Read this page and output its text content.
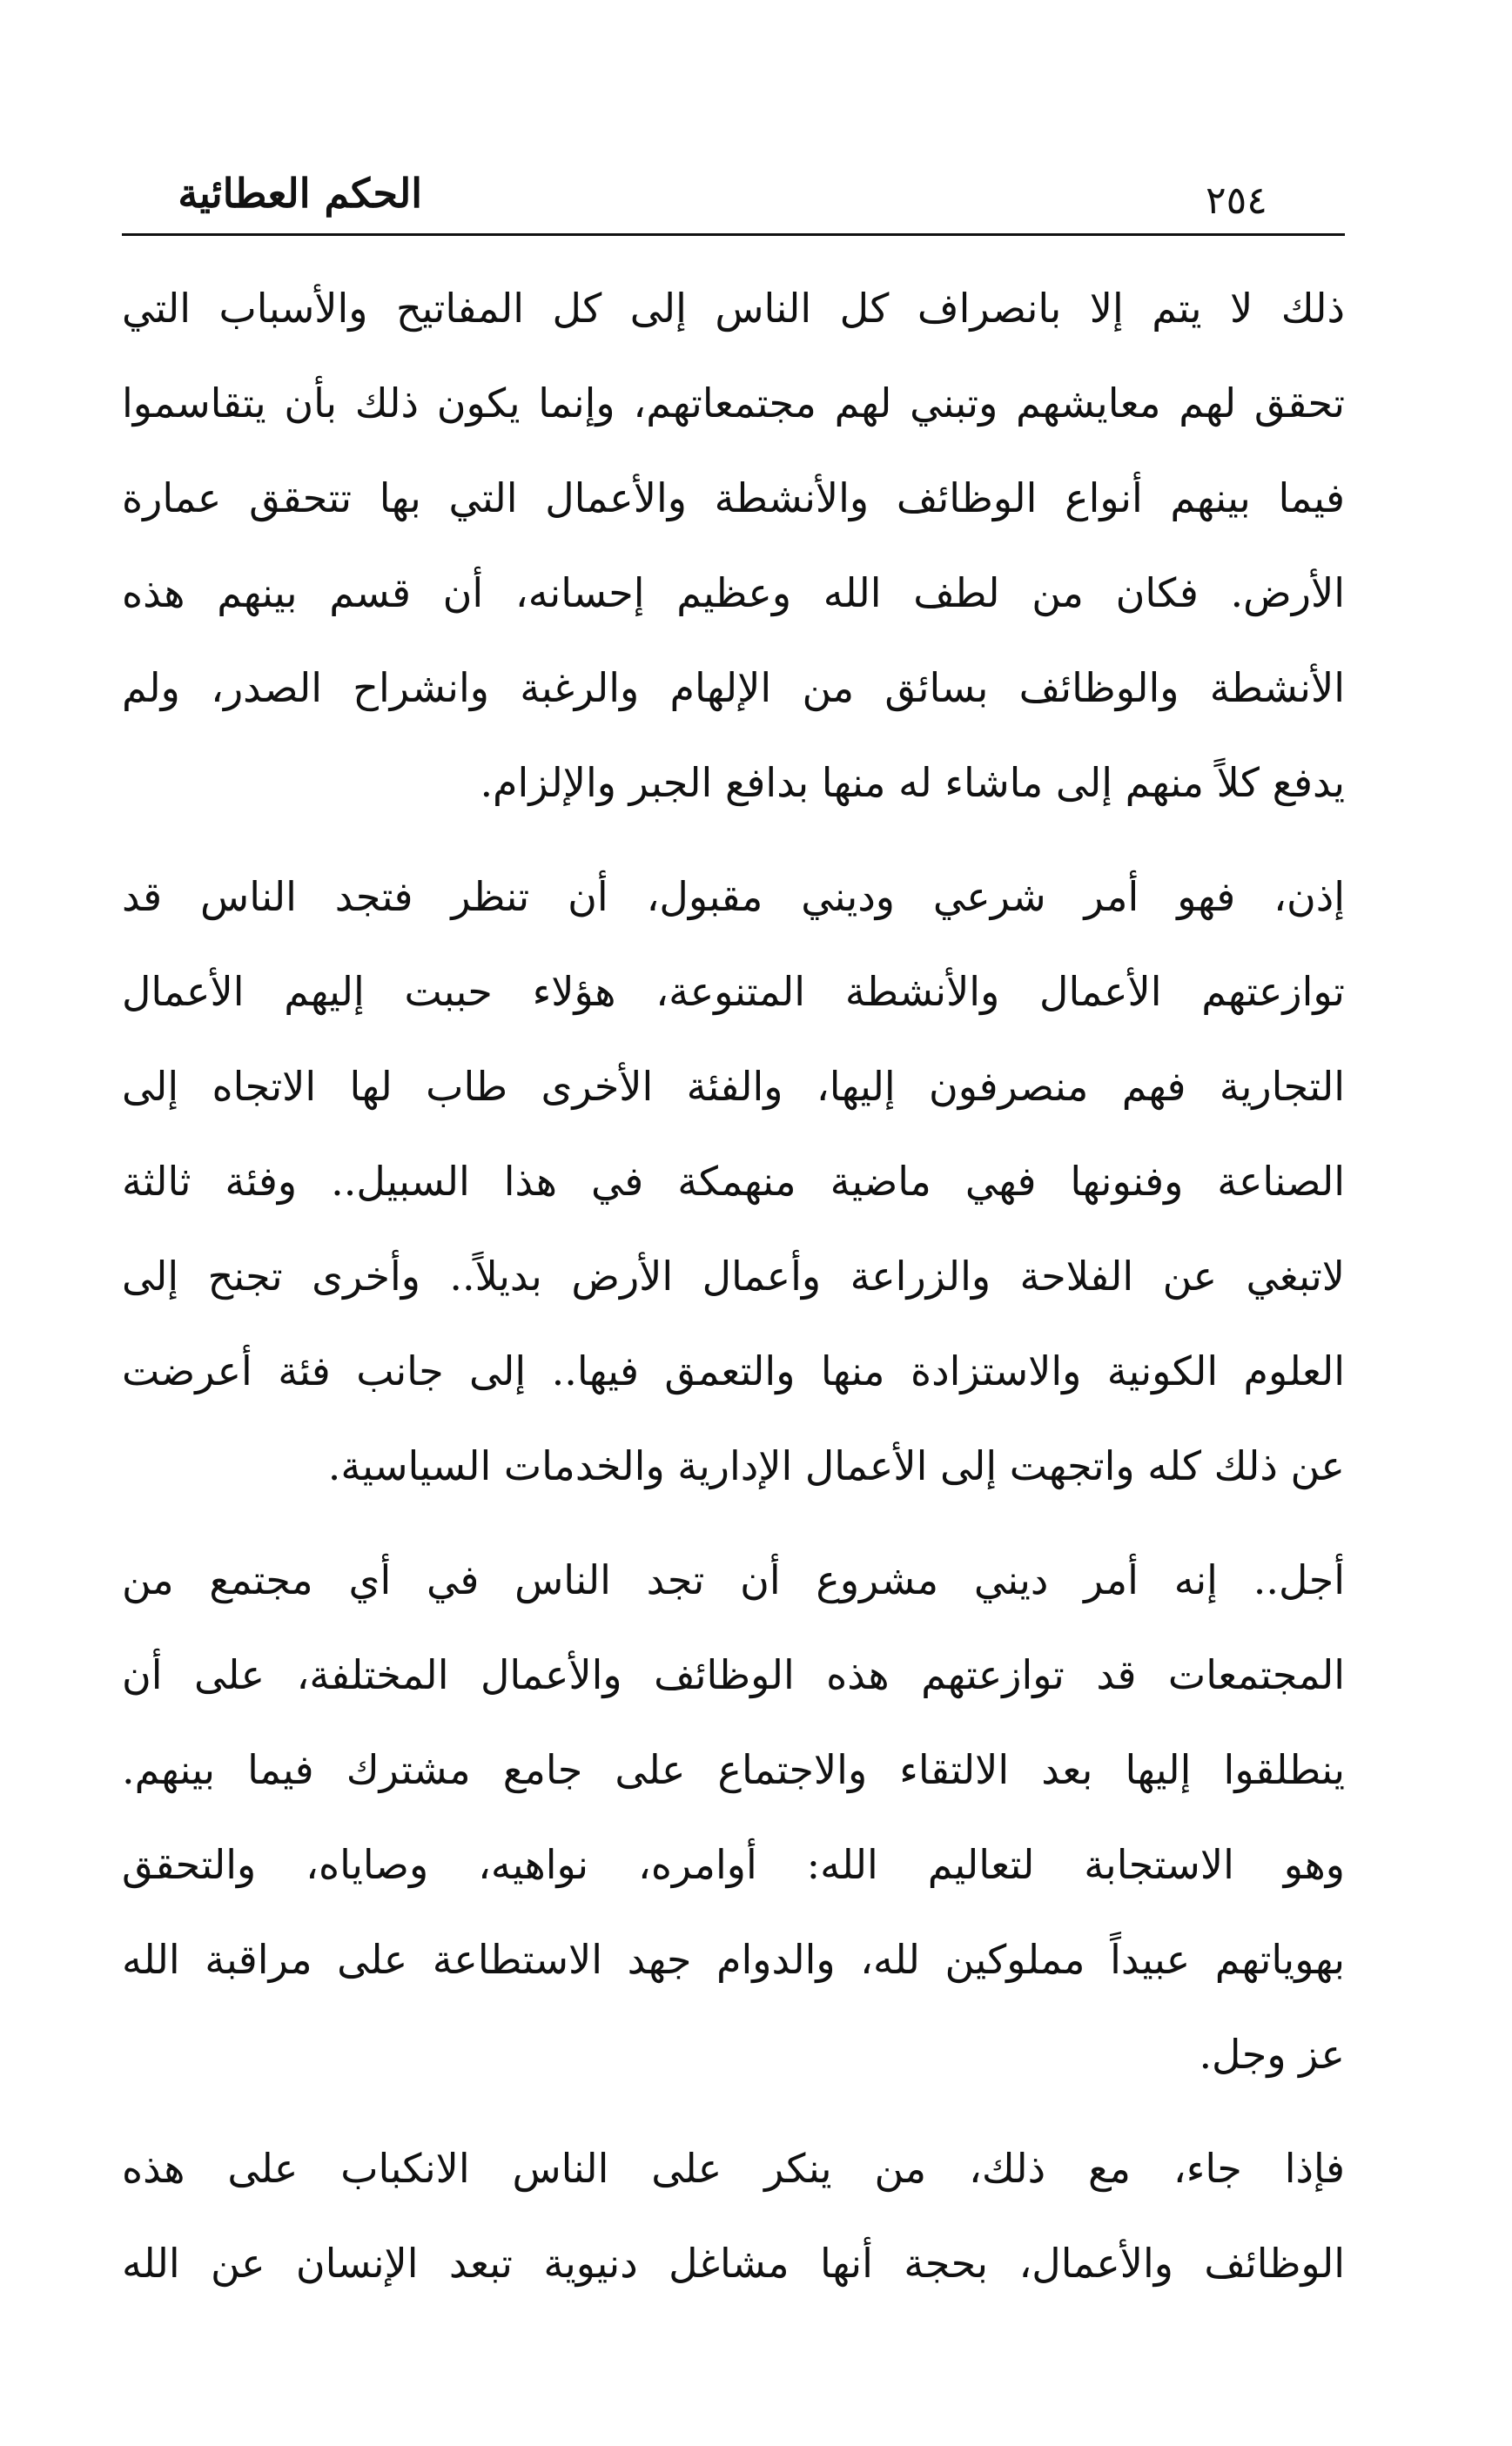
الحكم العطائية	٢٥٤
ذلك لا يتم إلا بانصراف كل الناس إلى كل المفاتيح والأسباب التي
تحقق لهم معايشهم وتبني لهم مجتمعاتهم، وإنما يكون ذلك بأن يتقاسموا
فيما بينهم أنواع الوظائف والأنشطة والأعمال التي بها تتحقق عمارة
الأرض. فكان من لطف الله وعظيم إحسانه، أن قسم بينهم هذه
الأنشطة والوظائف بسائق من الإلهام والرغبة وانشراح الصدر، ولم
يدفع كلاً منهم إلى ماشاء له منها بدافع الجبر والإلزام.
إذن، فهو أمر شرعي وديني مقبول، أن تنظر فتجد الناس قد
توازعتهم الأعمال والأنشطة المتنوعة، هؤلاء حببت إليهم الأعمال
التجارية فهم منصرفون إليها، والفئة الأخرى طاب لها الاتجاه إلى
الصناعة وفنونها فهي ماضية منهمكة في هذا السبيل.. وفئة ثالثة
لاتبغي عن الفلاحة والزراعة وأعمال الأرض بديلاً.. وأخرى تجنح إلى
العلوم الكونية والاستزادة منها والتعمق فيها.. إلى جانب فئة أعرضت
عن ذلك كله واتجهت إلى الأعمال الإدارية والخدمات السياسية.
أجل.. إنه أمر ديني مشروع أن تجد الناس في أي مجتمع من
المجتمعات قد توازعتهم هذه الوظائف والأعمال المختلفة، على أن
ينطلقوا إليها بعد الالتقاء والاجتماع على جامع مشترك فيما بينهم.
وهو الاستجابة لتعاليم الله: أوامره، نواهيه، وصاياه، والتحقق
بهوياتهم عبيداً مملوكين لله، والدوام جهد الاستطاعة على مراقبة الله
عز وجل.
فإذا جاء، مع ذلك، من ينكر على الناس الانكباب على هذه
الوظائف والأعمال، بحجة أنها مشاغل دنيوية تبعد الإنسان عن الله
